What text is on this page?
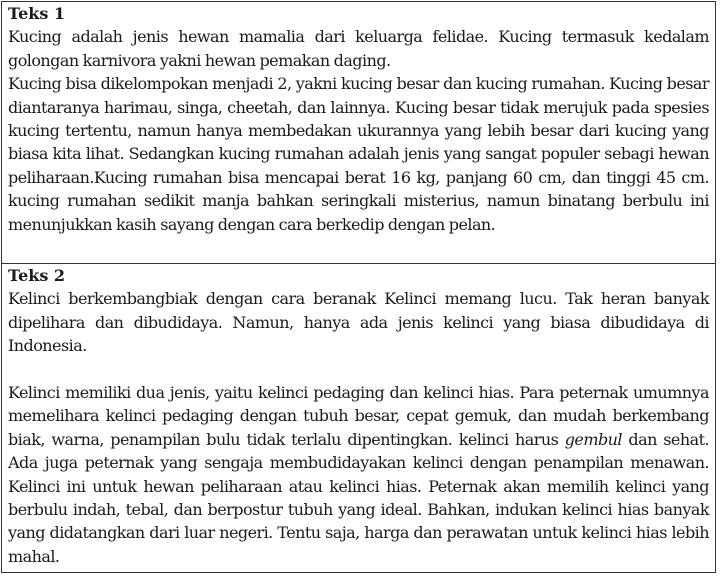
Teks 1

Kucing adalah jenis hewan mamalia dari keluarga felidae. Kucing termasuk kedalam golongan karnivora yakni hewan pemakan daging.

Kucing bisa dikelompokan menjadi 2, yakni kucing besar dan kucing rumahan. Kucing besar diantaranya harimau, singa, cheetah, dan lainnya. Kucing besar tidak merujuk pada spesies kucing tertentu, namun hanya membedakan ukurannya yang lebih besar dari kucing yang biasa kita lihat. Sedangkan kucing rumahan adalah jenis yang sangat populer sebagi hewan peliharaan.Kucing rumahan bisa mencapai berat 16 kg, panjang 60 cm, dan tinggi 45 cm. kucing rumahan sedikit manja bahkan seringkali misterius, namun binatang berbulu ini menunjukkan kasih sayang dengan cara berkedip dengan pelan.

Teks 2

Kelinci berkembangbiak dengan cara beranak Kelinci memang lucu. Tak heran banyak dipelihara dan dibudidaya. Namun, hanya ada jenis kelinci yang biasa dibudidaya di Indonesia.

Kelinci memiliki dua jenis, yaitu kelinci pedaging dan kelinci hias. Para peternak umumnya memelihara kelinci pedaging dengan tubuh besar, cepat gemuk, dan mudah berkembang biak, warna, penampilan bulu tidak terlalu dipentingkan. kelinci harus gembul dan sehat. Ada juga peternak yang sengaja membudidayakan kelinci dengan penampilan menawan. Kelinci ini untuk hewan peliharaan atau kelinci hias. Peternak akan memilih kelinci yang berbulu indah, tebal, dan berpostur tubuh yang ideal. Bahkan, indukan kelinci hias banyak yang didatangkan dari luar negeri. Tentu saja, harga dan perawatan untuk kelinci hias lebih mahal.
